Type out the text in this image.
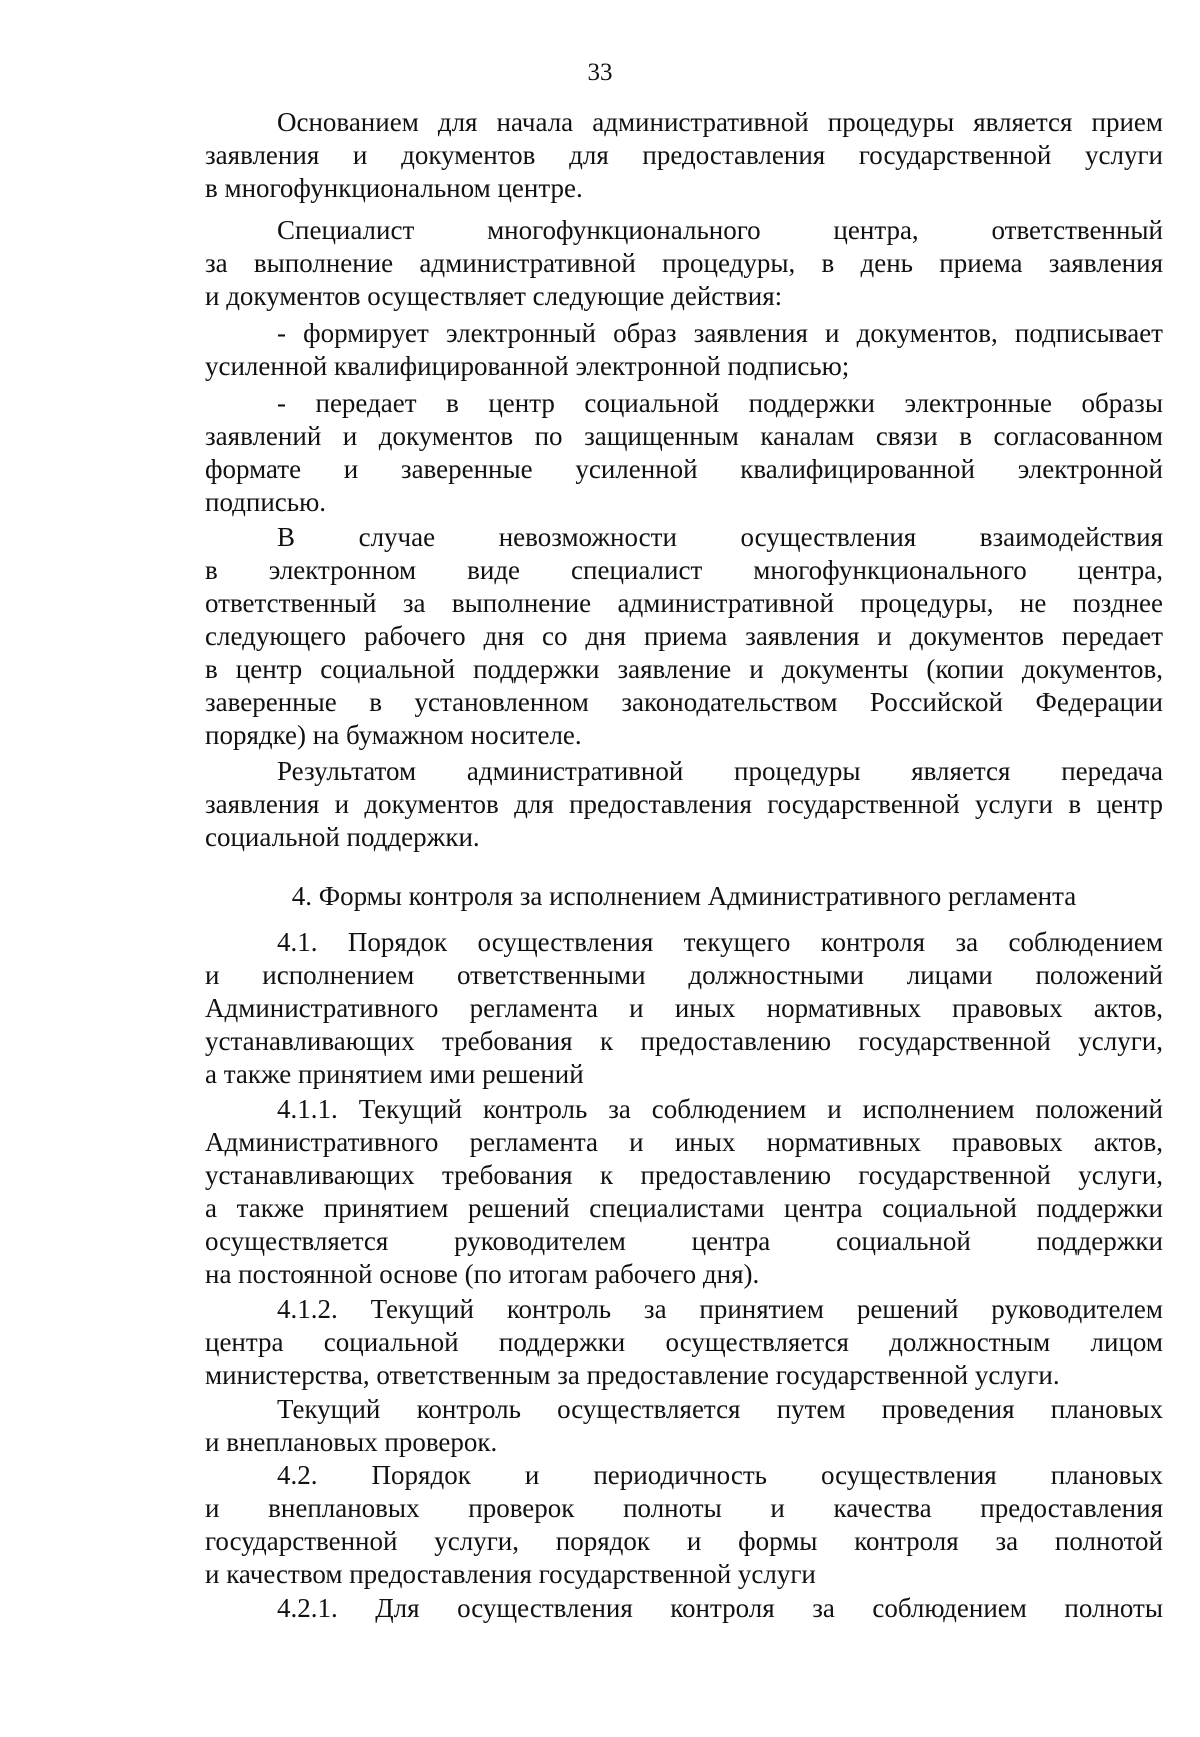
33
Основанием для начала административной процедуры является прием
заявления и документов для предоставления государственной услуги
в многофункциональном центре.
Специалист многофункционального центра, ответственный
за выполнение административной процедуры, в день приема заявления
и документов осуществляет следующие действия:
- формирует электронный образ заявления и документов, подписывает
усиленной квалифицированной электронной подписью;
- передает в центр социальной поддержки электронные образы
заявлений и документов по защищенным каналам связи в согласованном
формате и заверенные усиленной квалифицированной электронной
подписью.
В случае невозможности осуществления взаимодействия
в электронном виде специалист многофункционального центра,
ответственный за выполнение административной процедуры, не позднее
следующего рабочего дня со дня приема заявления и документов передает
в центр социальной поддержки заявление и документы (копии документов,
заверенные в установленном законодательством Российской Федерации
порядке) на бумажном носителе.
Результатом административной процедуры является передача
заявления и документов для предоставления государственной услуги в центр
социальной поддержки.
4. Формы контроля за исполнением Административного регламента
4.1. Порядок осуществления текущего контроля за соблюдением
и исполнением ответственными должностными лицами положений
Административного регламента и иных нормативных правовых актов,
устанавливающих требования к предоставлению государственной услуги,
а также принятием ими решений
4.1.1. Текущий контроль за соблюдением и исполнением положений
Административного регламента и иных нормативных правовых актов,
устанавливающих требования к предоставлению государственной услуги,
а также принятием решений специалистами центра социальной поддержки
осуществляется руководителем центра социальной поддержки
на постоянной основе (по итогам рабочего дня).
4.1.2. Текущий контроль за принятием решений руководителем
центра социальной поддержки осуществляется должностным лицом
министерства, ответственным за предоставление государственной услуги.
Текущий контроль осуществляется путем проведения плановых
и внеплановых проверок.
4.2. Порядок и периодичность осуществления плановых
и внеплановых проверок полноты и качества предоставления
государственной услуги, порядок и формы контроля за полнотой
и качеством предоставления государственной услуги
4.2.1. Для осуществления контроля за соблюдением полноты
